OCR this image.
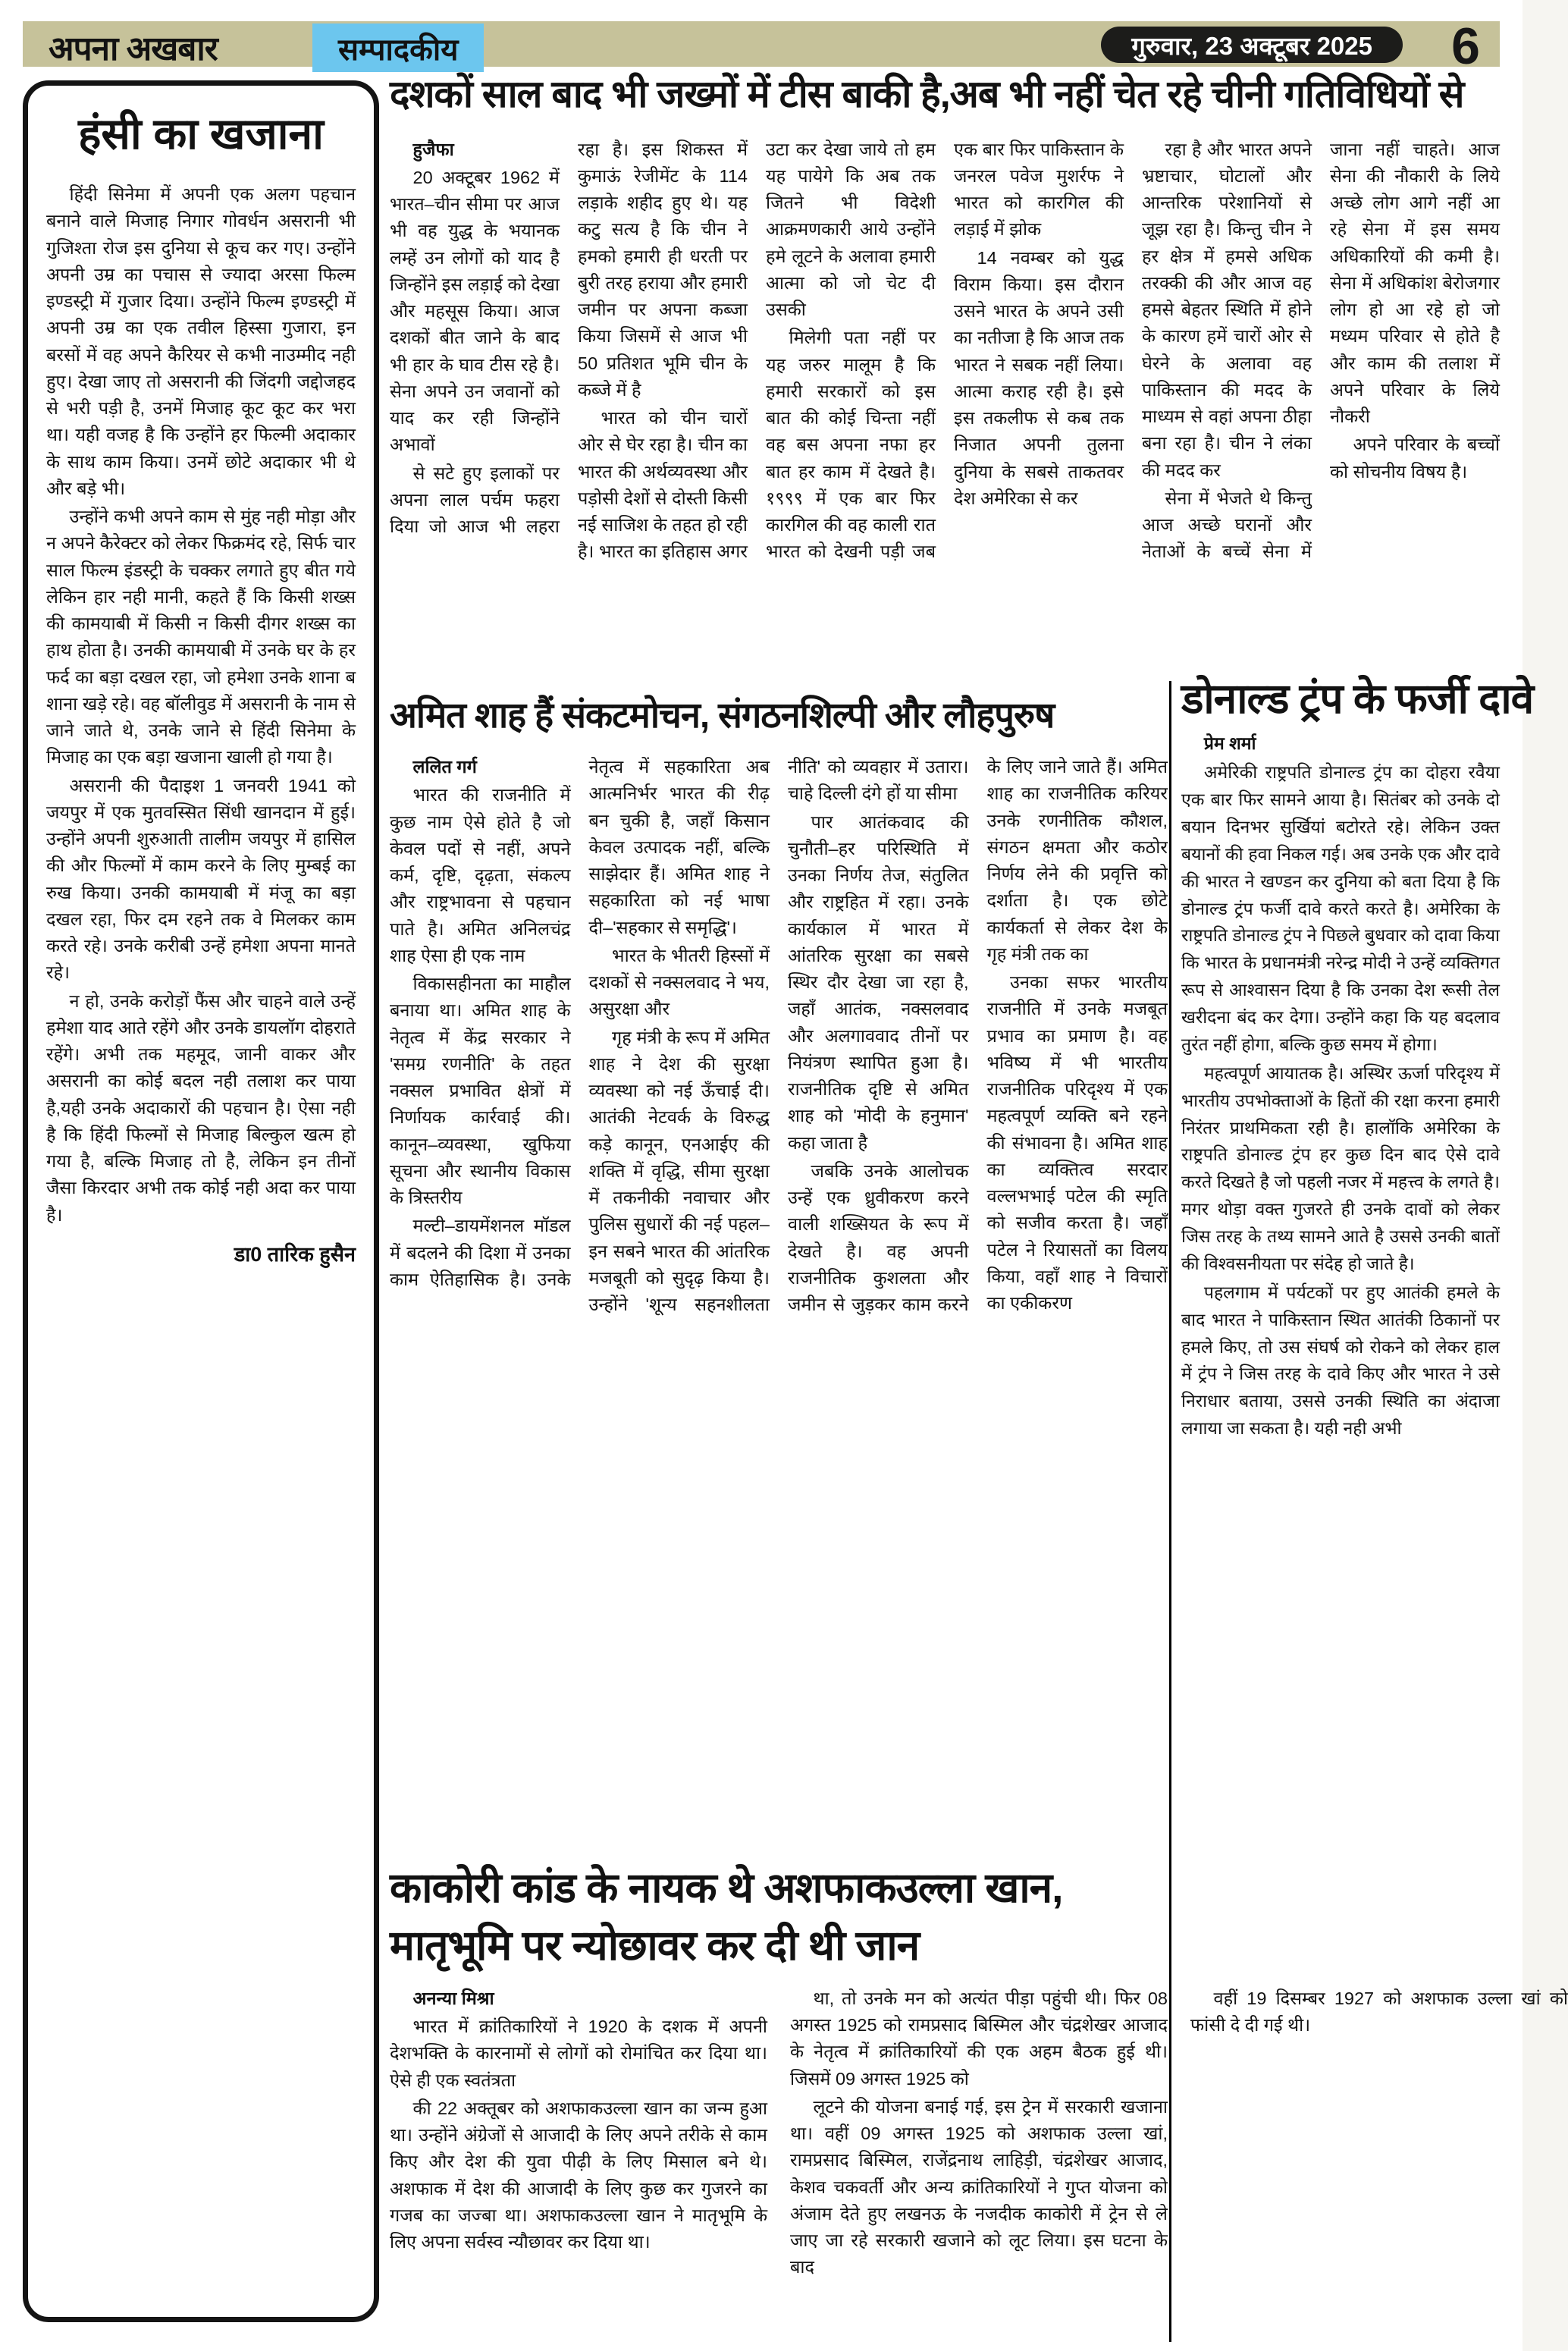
अपना अखबार	सम्पादकीय	गुरुवार, 23 अक्टूबर 2025	6
हंसी का खजाना

हिंदी सिनेमा में अपनी एक अलग पहचान बनाने वाले मिजाह निगार गोवर्धन असरानी भी गुजिश्ता रोज इस दुनिया से कूच कर गए। उन्होंने अपनी उम्र का पचास से ज्यादा अरसा फिल्म इण्डस्ट्री में गुजार दिया। उन्होंने फिल्म इण्डस्ट्री में अपनी उम्र का एक तवील हिस्सा गुजारा, इन बरसों में वह अपने कैरियर से कभी नाउम्मीद नही हुए। देखा जाए तो असरानी की जिंदगी जद्दोजहद से भरी पड़ी है, उनमें मिजाह कूट कूट कर भरा था। यही वजह है कि उन्होंने हर फिल्मी अदाकार के साथ काम किया। उनमें छोटे अदाकार भी थे और बड़े भी।

उन्होंने कभी अपने काम से मुंह नही मोड़ा और न अपने कैरेक्टर को लेकर फिक्रमंद रहे, सिर्फ चार साल फिल्म इंडस्ट्री के चक्कर लगाते हुए बीत गये लेकिन हार नही मानी, कहते हैं कि किसी शख्स की कामयाबी में किसी न किसी दीगर शख्स का हाथ होता है। उनकी कामयाबी में उनके घर के हर फर्द का बड़ा दखल रहा, जो हमेशा उनके शाना ब शाना खड़े रहे। वह बॉलीवुड में असरानी के नाम से जाने जाते थे, उनके जाने से हिंदी सिनेमा के मिजाह का एक बड़ा खजाना खाली हो गया है।

असरानी की पैदाइश 1 जनवरी 1941 को जयपुर में एक मुतवस्सित सिंधी खानदान में हुई। उन्होंने अपनी शुरुआती तालीम जयपुर में हासिल की और फिल्मों में काम करने के लिए मुम्बई का रुख किया। उनकी कामयाबी में मंजू का बड़ा दखल रहा, फिर दम रहने तक वे मिलकर काम करते रहे। उनके करीबी उन्हें हमेशा अपना मानते रहे।

न हो, उनके करोड़ों फैंस और चाहने वाले उन्हें हमेशा याद आते रहेंगे और उनके डायलॉग दोहराते रहेंगे। अभी तक महमूद, जानी वाकर और असरानी का कोई बदल नही तलाश कर पाया है,यही उनके अदाकारों की पहचान है। ऐसा नही है कि हिंदी फिल्मों से मिजाह बिल्कुल खत्म हो गया है, बल्कि मिजाह तो है, लेकिन इन तीनों जैसा किरदार अभी तक कोई नही अदा कर पाया है।

डा0 तारिक हुसैन
दशकों साल बाद भी जख्मों में टीस बाकी है,अब भी नहीं चेत रहे चीनी गतिविधियों से

हुजैफा

20 अक्टूबर 1962 में भारत–चीन सीमा पर आज भी वह युद्ध के भयानक लम्हें उन लोगों को याद है जिन्होंने इस लड़ाई को देखा और महसूस किया। आज दशकों बीत जाने के बाद भी हार के घाव टीस रहे है। सेना अपने उन जवानों को याद कर रही जिन्होंने अभावों

से सटे हुए इलाकों पर अपना लाल पर्चम फहरा दिया जो आज भी लहरा रहा है। इस शिकस्त में कुमाऊं रेजीमेंट के 114 लड़ाके शहीद हुए थे। यह कटु सत्य है कि चीन ने हमको हमारी ही धरती पर बुरी तरह हराया और हमारी जमीन पर अपना कब्जा किया जिसमें से आज भी 50 प्रतिशत भूमि चीन के कब्जे में है

भारत को चीन चारों ओर से घेर रहा है। चीन का भारत की अर्थव्यवस्था और पड़ोसी देशों से दोस्ती किसी नई साजिश के तहत हो रही है। भारत का इतिहास अगर उटा कर देखा जाये तो हम यह पायेगे कि अब तक जितने भी विदेशी आक्रमणकारी आये उन्होंने हमे लूटने के अलावा हमारी आत्मा को जो चेट दी उसकी

मिलेगी पता नहीं पर यह जरुर मालूम है कि हमारी सरकारों को इस बात की कोई चिन्ता नहीं वह बस अपना नफा हर बात हर काम में देखते है। १९९९ में एक बार फिर कारगिल की वह काली रात भारत को देखनी पड़ी जब एक बार फिर पाकिस्तान के जनरल पवेज मुशर्रफ ने भारत को कारगिल की लड़ाई में झोक

14 नवम्बर को युद्ध विराम किया। इस दौरान उसने भारत के अपने उसी का नतीजा है कि आज तक भारत ने सबक नहीं लिया। आत्मा कराह रही है। इसे इस तकलीफ से कब तक निजात अपनी तुलना दुनिया के सबसे ताकतवर देश अमेरिका से कर

रहा है और भारत अपने भ्रष्टाचार, घोटालों और आन्तरिक परेशानियों से जूझ रहा है। किन्तु चीन ने हर क्षेत्र में हमसे अधिक तरक्की की और आज वह हमसे बेहतर स्थिति में होने के कारण हमें चारों ओर से घेरने के अलावा वह पाकिस्तान की मदद के माध्यम से वहां अपना ठीहा बना रहा है। चीन ने लंका की मदद कर

सेना में भेजते थे किन्तु आज अच्छे घरानों और नेताओं के बच्चें सेना में जाना नहीं चाहते। आज सेना की नौकारी के लिये अच्छे लोग आगे नहीं आ रहे सेना में इस समय अधिकारियों की कमी है। सेना में अधिकांश बेरोजगार लोग हो आ रहे हो जो मध्यम परिवार से होते है और काम की तलाश में अपने परिवार के लिये नौकरी

अपने परिवार के बच्चों को सोचनीय विषय है।

अमित शाह हैं संकटमोचन, संगठनशिल्पी और लौहपुरुष

ललित गर्ग

भारत की राजनीति में कुछ नाम ऐसे होते है जो केवल पदों से नहीं, अपने कर्म, दृष्टि, दृढ़ता, संकल्प और राष्ट्रभावना से पहचान पाते है। अमित अनिलचंद्र शाह ऐसा ही एक नाम

विकासहीनता का माहौल बनाया था। अमित शाह के नेतृत्व में केंद्र सरकार ने 'समग्र रणनीति' के तहत नक्सल प्रभावित क्षेत्रों में निर्णायक कार्रवाई की। कानून–व्यवस्था, खुफिया सूचना और स्थानीय विकास के त्रिस्तरीय

मल्टी–डायमेंशनल मॉडल में बदलने की दिशा में उनका काम ऐतिहासिक है। उनके नेतृत्व में सहकारिता अब आत्मनिर्भर भारत की रीढ़ बन चुकी है, जहाँ किसान केवल उत्पादक नहीं, बल्कि साझेदार हैं। अमित शाह ने सहकारिता को नई भाषा दी–'सहकार से समृद्धि'।

भारत के भीतरी हिस्सों में दशकों से नक्सलवाद ने भय, असुरक्षा और

गृह मंत्री के रूप में अमित शाह ने देश की सुरक्षा व्यवस्था को नई ऊँचाई दी। आतंकी नेटवर्क के विरुद्ध कड़े कानून, एनआईए की शक्ति में वृद्धि, सीमा सुरक्षा में तकनीकी नवाचार और पुलिस सुधारों की नई पहल–इन सबने भारत की आंतरिक मजबूती को सुदृढ़ किया है। उन्होंने 'शून्य सहनशीलता नीति' को व्यवहार में उतारा। चाहे दिल्ली दंगे हों या सीमा

पार आतंकवाद की चुनौती–हर परिस्थिति में उनका निर्णय तेज, संतुलित और राष्ट्रहित में रहा। उनके कार्यकाल में भारत में आंतरिक सुरक्षा का सबसे स्थिर दौर देखा जा रहा है, जहाँ आतंक, नक्सलवाद और अलगाववाद तीनों पर नियंत्रण स्थापित हुआ है। राजनीतिक दृष्टि से अमित शाह को 'मोदी के हनुमान' कहा जाता है

जबकि उनके आलोचक उन्हें एक ध्रुवीकरण करने वाली शख्सियत के रूप में देखते है। वह अपनी राजनीतिक कुशलता और जमीन से जुड़कर काम करने के लिए जाने जाते हैं। अमित शाह का राजनीतिक करियर उनके रणनीतिक कौशल, संगठन क्षमता और कठोर निर्णय लेने की प्रवृत्ति को दर्शाता है। एक छोटे कार्यकर्ता से लेकर देश के गृह मंत्री तक का

उनका सफर भारतीय राजनीति में उनके मजबूत प्रभाव का प्रमाण है। वह भविष्य में भी भारतीय राजनीतिक परिदृश्य में एक महत्वपूर्ण व्यक्ति बने रहने की संभावना है। अमित शाह का व्यक्तित्व सरदार वल्लभभाई पटेल की स्मृति को सजीव करता है। जहाँ पटेल ने रियासतों का विलय किया, वहाँ शाह ने विचारों का एकीकरण

काकोरी कांड के नायक थे अशफाकउल्ला खान, मातृभूमि पर न्योछावर कर दी थी जान

अनन्या मिश्रा

भारत में क्रांतिकारियों ने 1920 के दशक में अपनी देशभक्ति के कारनामों से लोगों को रोमांचित कर दिया था। ऐसे ही एक स्वतंत्रता

की 22 अक्तूबर को अशफाकउल्ला खान का जन्म हुआ था। उन्होंने अंग्रेजों से आजादी के लिए अपने तरीके से काम किए और देश की युवा पीढ़ी के लिए मिसाल बने थे। अशफाक में देश की आजादी के लिए कुछ कर गुजरने का गजब का जज्बा था। अशफाकउल्ला खान ने मातृभूमि के लिए अपना सर्वस्व न्यौछावर कर दिया था।

था, तो उनके मन को अत्यंत पीड़ा पहुंची थी। फिर 08 अगस्त 1925 को रामप्रसाद बिस्मिल और चंद्रशेखर आजाद के नेतृत्व में क्रांतिकारियों की एक अहम बैठक हुई थी। जिसमें 09 अगस्त 1925 को

लूटने की योजना बनाई गई, इस ट्रेन में सरकारी खजाना था। वहीं 09 अगस्त 1925 को अशफाक उल्ला खां, रामप्रसाद बिस्मिल, राजेंद्रनाथ लाहिड़ी, चंद्रशेखर आजाद, केशव चकवर्ती और अन्य क्रांतिकारियों ने गुप्त योजना को अंजाम देते हुए लखनऊ के नजदीक काकोरी में ट्रेन से ले जाए जा रहे सरकारी खजाने को लूट लिया। इस घटना के बाद

वहीं 19 दिसम्बर 1927 को अशफाक उल्ला खां को फांसी दे दी गई थी।

डोनाल्ड ट्रंप के फर्जी दावे

प्रेम शर्मा

अमेरिकी राष्ट्रपति डोनाल्ड ट्रंप का दोहरा रवैया एक बार फिर सामने आया है। सितंबर को उनके दो बयान दिनभर सुर्खियां बटोरते रहे। लेकिन उक्त बयानों की हवा निकल गई। अब उनके एक और दावे की भारत ने खण्डन कर दुनिया को बता दिया है कि डोनाल्ड ट्रंप फर्जी दावे करते करते है। अमेरिका के राष्ट्रपति डोनाल्ड ट्रंप ने पिछले बुधवार को दावा किया कि भारत के प्रधानमंत्री नरेन्द्र मोदी ने उन्हें व्यक्तिगत रूप से आश्वासन दिया है कि उनका देश रूसी तेल खरीदना बंद कर देगा। उन्होंने कहा कि यह बदलाव तुरंत नहीं होगा, बल्कि कुछ समय में होगा।

महत्वपूर्ण आयातक है। अस्थिर ऊर्जा परिदृश्य में भारतीय उपभोक्ताओं के हितों की रक्षा करना हमारी निरंतर प्राथमिकता रही है। हालॉकि अमेरिका के राष्ट्रपति डोनाल्ड ट्रंप हर कुछ दिन बाद ऐसे दावे करते दिखते है जो पहली नजर में महत्त्व के लगते है। मगर थोड़ा वक्त गुजरते ही उनके दावों को लेकर जिस तरह के तथ्य सामने आते है उससे उनकी बातों की विश्वसनीयता पर संदेह हो जाते है।

पहलगाम में पर्यटकों पर हुए आतंकी हमले के बाद भारत ने पाकिस्तान स्थित आतंकी ठिकानों पर हमले किए, तो उस संघर्ष को रोकने को लेकर हाल में ट्रंप ने जिस तरह के दावे किए और भारत ने उसे निराधार बताया, उससे उनकी स्थिति का अंदाजा लगाया जा सकता है। यही नही अभी
